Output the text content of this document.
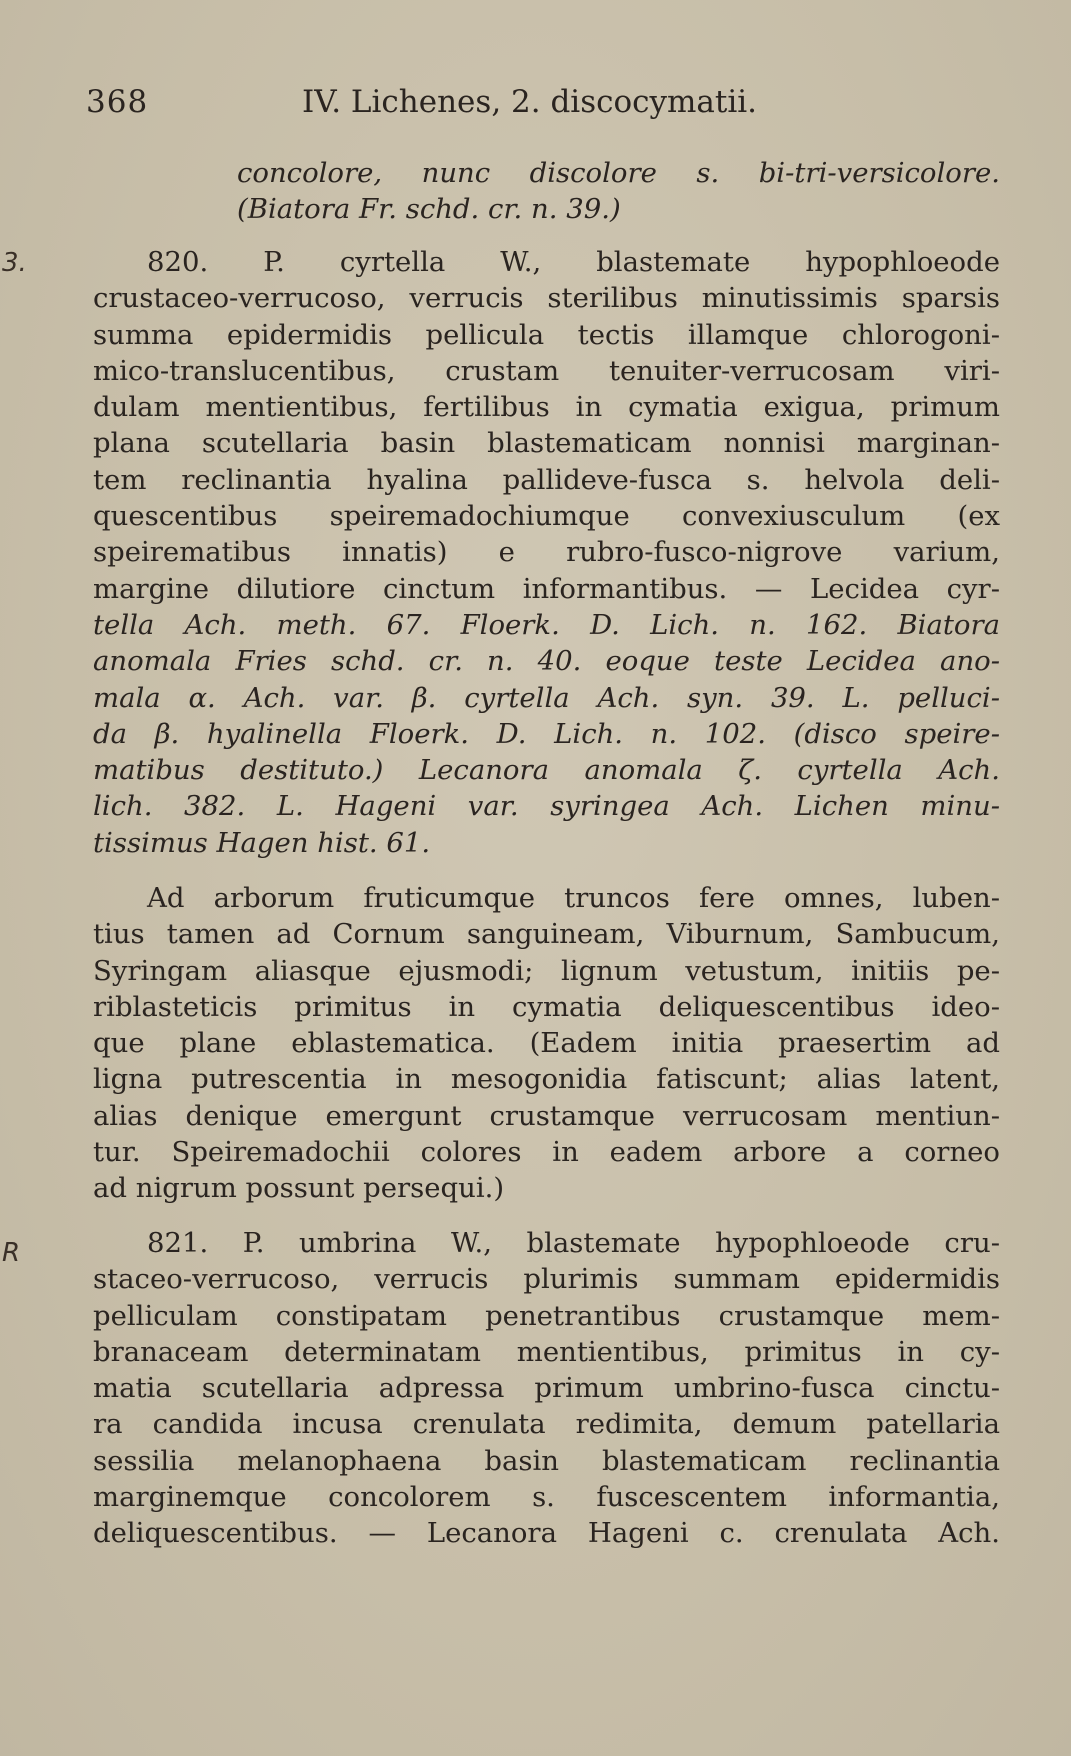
368	IV. Lichenes, 2. discocymatii.
3.
R
concolore, nunc discolore s. bi-tri-versicolore.
(Biatora Fr. schd. cr. n. 39.)
820. P. cyrtella W., blastemate hypophloeode
crustaceo-verrucoso, verrucis sterilibus minutissimis sparsis
summa epidermidis pellicula tectis illamque chlorogoni-
mico-translucentibus, crustam tenuiter-verrucosam viri-
dulam mentientibus, fertilibus in cymatia exigua, primum
plana scutellaria basin blastematicam nonnisi marginan-
tem reclinantia hyalina pallideve-fusca s. helvola deli-
quescentibus speiremadochiumque convexiusculum (ex
speirematibus innatis) e rubro-fusco-nigrove varium,
margine dilutiore cinctum informantibus. — Lecidea cyr-
tella Ach. meth. 67. Floerk. D. Lich. n. 162. Biatora
anomala Fries schd. cr. n. 40. eoque teste Lecidea ano-
mala α. Ach. var. β. cyrtella Ach. syn. 39. L. pelluci-
da β. hyalinella Floerk. D. Lich. n. 102. (disco speire-
matibus destituto.) Lecanora anomala ζ. cyrtella Ach.
lich. 382. L. Hageni var. syringea Ach. Lichen minu-
tissimus Hagen hist. 61.
Ad arborum fruticumque truncos fere omnes, luben-
tius tamen ad Cornum sanguineam, Viburnum, Sambucum,
Syringam aliasque ejusmodi; lignum vetustum, initiis pe-
riblasteticis primitus in cymatia deliquescentibus ideo-
que plane eblastematica. (Eadem initia praesertim ad
ligna putrescentia in mesogonidia fatiscunt; alias latent,
alias denique emergunt crustamque verrucosam mentiun-
tur. Speiremadochii colores in eadem arbore a corneo
ad nigrum possunt persequi.)
821. P. umbrina W., blastemate hypophloeode cru-
staceo-verrucoso, verrucis plurimis summam epidermidis
pelliculam constipatam penetrantibus crustamque mem-
branaceam determinatam mentientibus, primitus in cy-
matia scutellaria adpressa primum umbrino-fusca cinctu-
ra candida incusa crenulata redimita, demum patellaria
sessilia melanophaena basin blastematicam reclinantia
marginemque concolorem s. fuscescentem informantia,
deliquescentibus. — Lecanora Hageni c. crenulata Ach.
